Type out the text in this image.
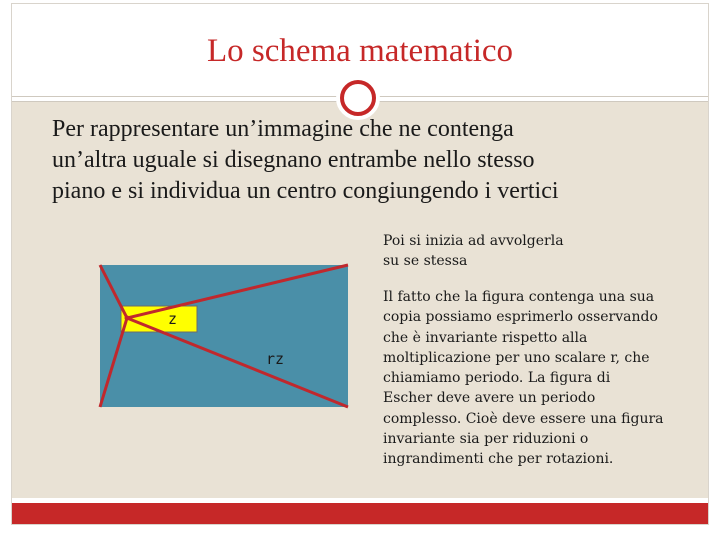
Lo schema matematico
Per rappresentare un’immagine che ne contenga
un’altra uguale si disegnano entrambe nello stesso
piano e si individua un centro congiungendo i vertici
z
rz
Poi si inizia ad avvolgerla
su se stessa
Il fatto che la figura contenga una sua
copia possiamo esprimerlo osservando
che è invariante rispetto alla
moltiplicazione per uno scalare r, che
chiamiamo periodo. La figura di
Escher deve avere un periodo
complesso. Cioè deve essere una figura
invariante sia per riduzioni o
ingrandimenti che per rotazioni.
